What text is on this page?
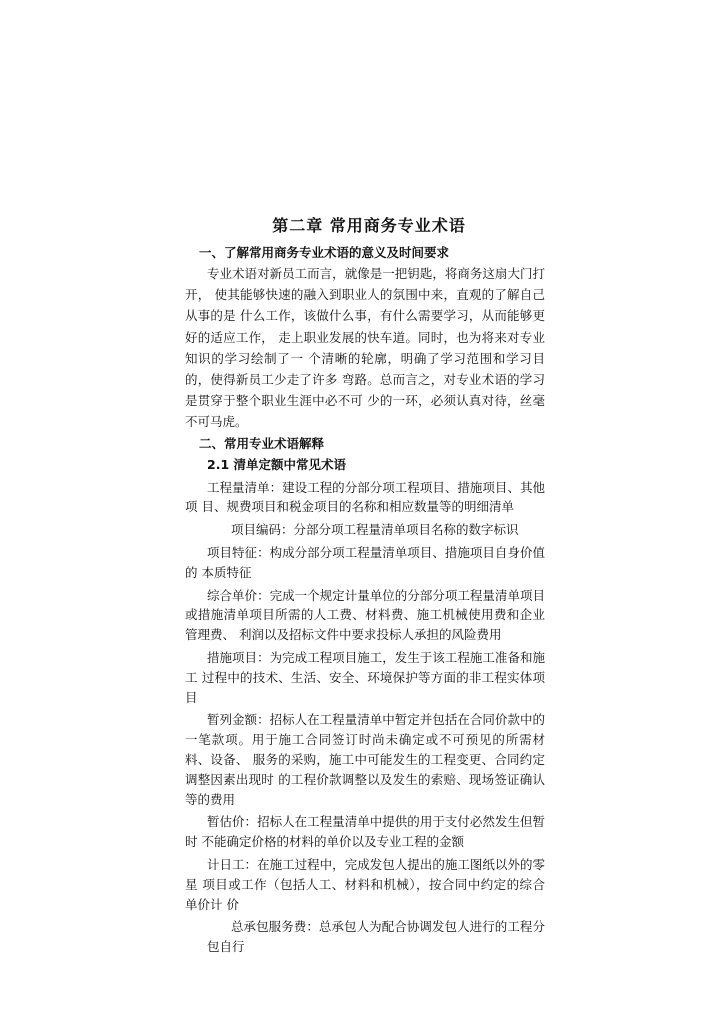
第二章 常用商务专业术语
一、了解常用商务专业术语的意义及时间要求

专业术语对新员工而言，就像是一把钥匙，将商务这扇大门打开， 使其能够快速的融入到职业人的氛围中来，直观的了解自己从事的是 什么工作，该做什么事，有什么需要学习，从而能够更好的适应工作， 走上职业发展的快车道。同时，也为将来对专业知识的学习绘制了一 个清晰的轮廓，明确了学习范围和学习目的，使得新员工少走了许多 弯路。总而言之，对专业术语的学习是贯穿于整个职业生涯中必不可 少的一环，必须认真对待，丝毫不可马虎。

二、常用专业术语解释
2.1 清单定额中常见术语

工程量清单：建设工程的分部分项工程项目、措施项目、其他 项 目、规费项目和税金项目的名称和相应数量等的明细清单

项目编码：分部分项工程量清单项目名称的数字标识

项目特征：构成分部分项工程量清单项目、措施项目自身价值的 本质特征

综合单价：完成一个规定计量单位的分部分项工程量清单项目或措施清单项目所需的人工费、材料费、施工机械使用费和企业管理费、 利润以及招标文件中要求投标人承担的风险费用

措施项目：为完成工程项目施工，发生于该工程施工准备和施工 过程中的技术、生活、安全、环境保护等方面的非工程实体项目

暂列金额：招标人在工程量清单中暂定并包括在合同价款中的一笔款项。用于施工合同签订时尚未确定或不可预见的所需材料、设备、 服务的采购，施工中可能发生的工程变更、合同约定调整因素出现时 的工程价款调整以及发生的索赔、现场签证确认等的费用

暂估价：招标人在工程量清单中提供的用于支付必然发生但暂时 不能确定价格的材料的单价以及专业工程的金额

计日工：在施工过程中，完成发包人提出的施工图纸以外的零星 项目或工作（包括人工、材料和机械），按合同中约定的综合单价计 价

总承包服务费：总承包人为配合协调发包人进行的工程分包自行
